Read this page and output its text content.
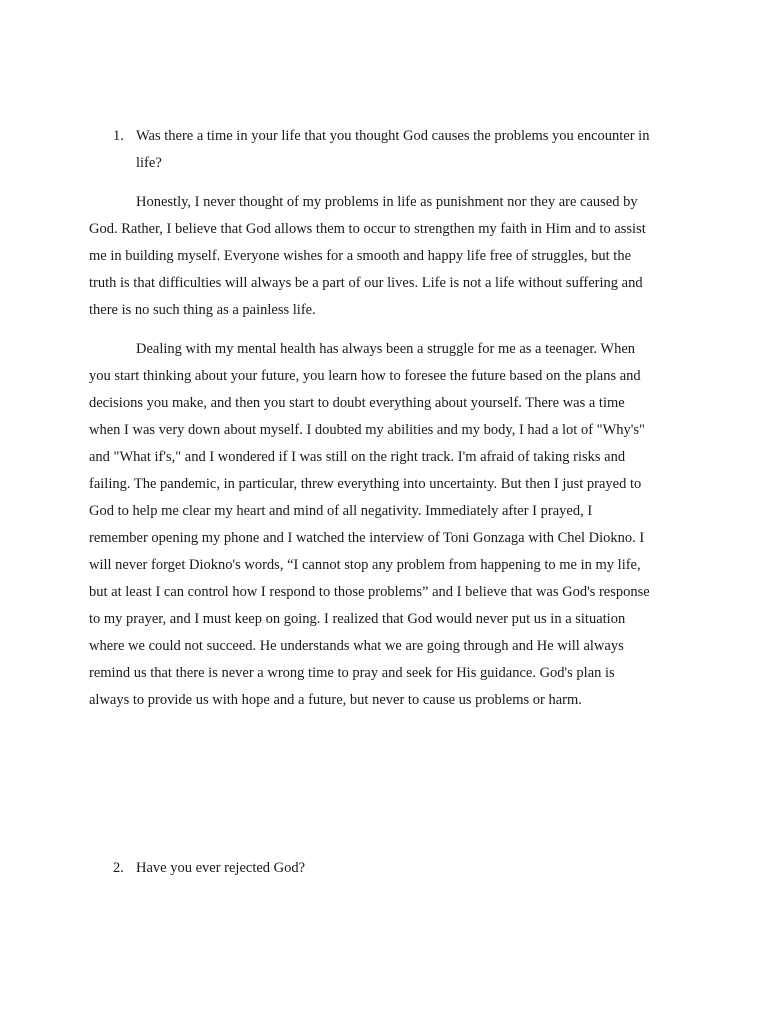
1. Was there a time in your life that you thought God causes the problems you encounter in
life?
Honestly, I never thought of my problems in life as punishment nor they are caused by
God. Rather, I believe that God allows them to occur to strengthen my faith in Him and to assist
me in building myself. Everyone wishes for a smooth and happy life free of struggles, but the
truth is that difficulties will always be a part of our lives. Life is not a life without suffering and
there is no such thing as a painless life.
Dealing with my mental health has always been a struggle for me as a teenager. When
you start thinking about your future, you learn how to foresee the future based on the plans and
decisions you make, and then you start to doubt everything about yourself. There was a time
when I was very down about myself. I doubted my abilities and my body, I had a lot of "Why's"
and "What if's," and I wondered if I was still on the right track. I'm afraid of taking risks and
failing. The pandemic, in particular, threw everything into uncertainty. But then I just prayed to
God to help me clear my heart and mind of all negativity. Immediately after I prayed, I
remember opening my phone and I watched the interview of Toni Gonzaga with Chel Diokno. I
will never forget Diokno's words, “I cannot stop any problem from happening to me in my life,
but at least I can control how I respond to those problems” and I believe that was God's response
to my prayer, and I must keep on going. I realized that God would never put us in a situation
where we could not succeed. He understands what we are going through and He will always
remind us that there is never a wrong time to pray and seek for His guidance. God's plan is
always to provide us with hope and a future, but never to cause us problems or harm.
2. Have you ever rejected God?
